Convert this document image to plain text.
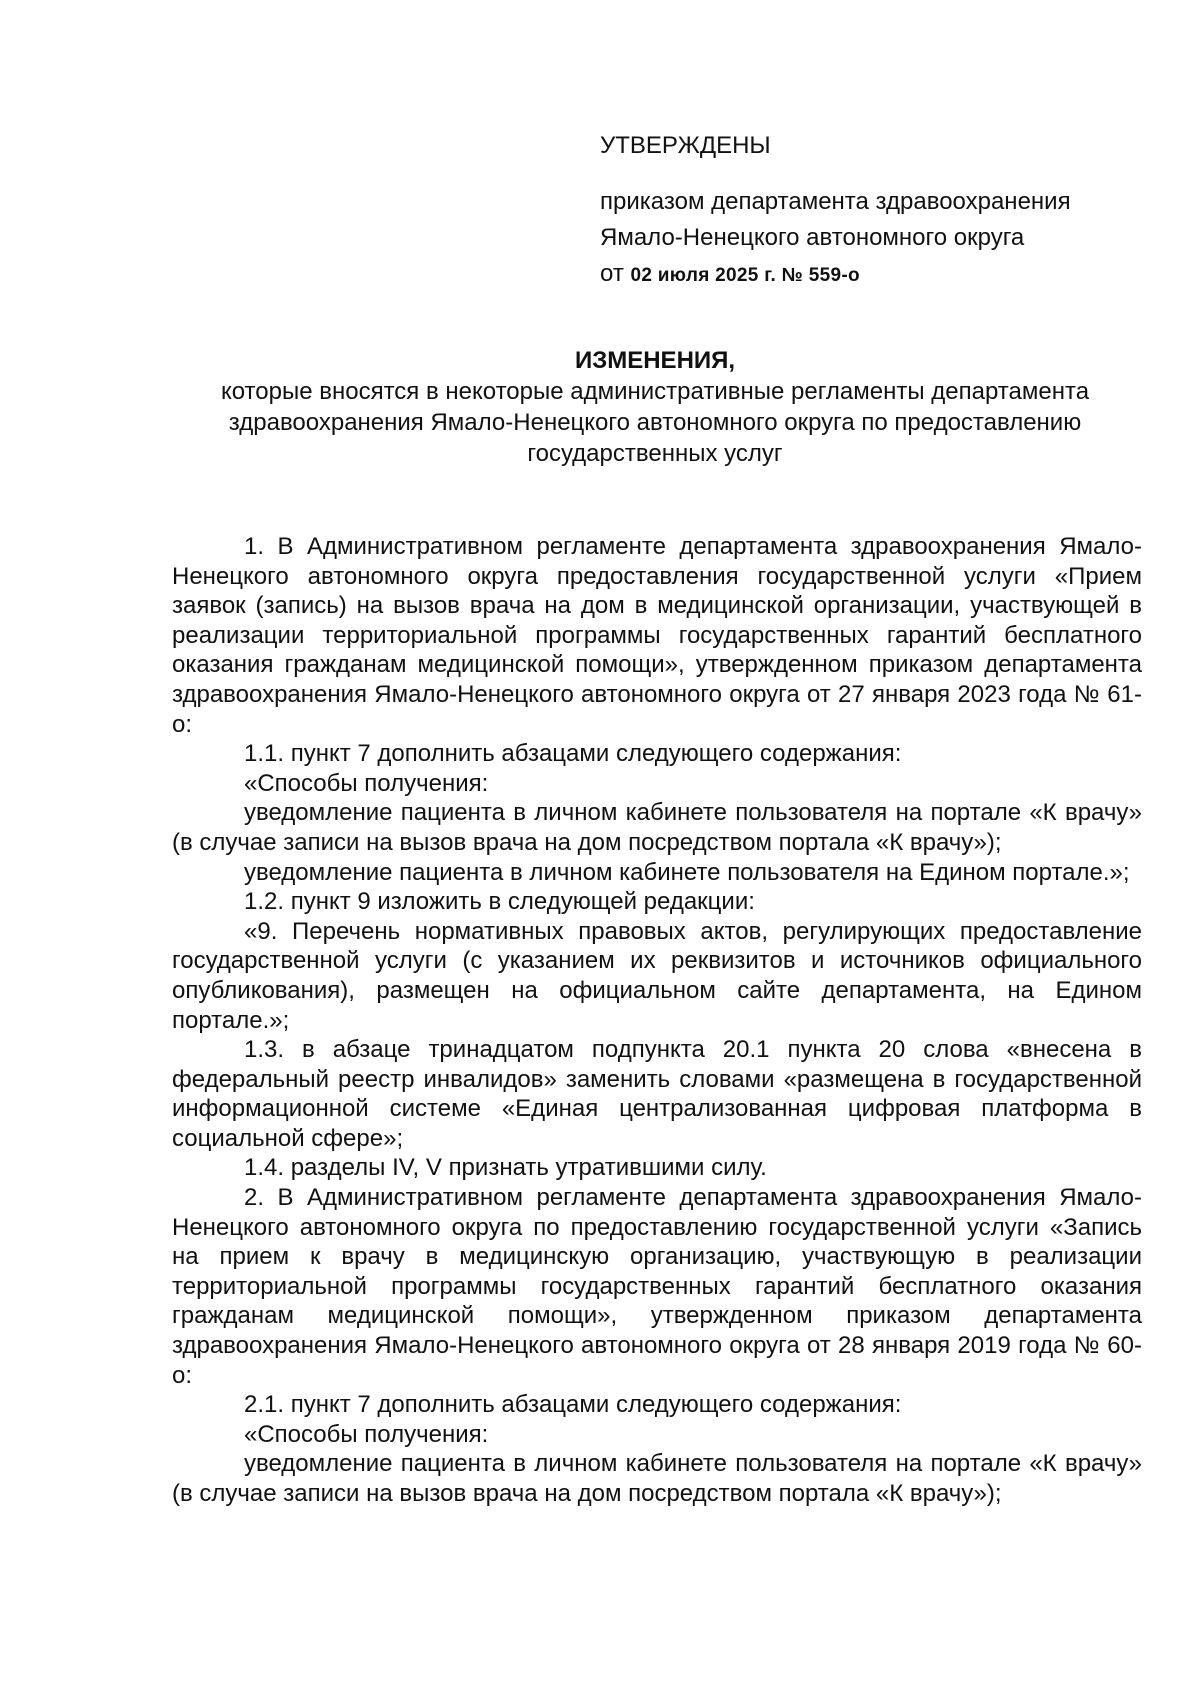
УТВЕРЖДЕНЫ
приказом департамента здравоохранения
Ямало-Ненецкого автономного округа
от 02 июля 2025 г. № 559-о
ИЗМЕНЕНИЯ,
которые вносятся в некоторые административные регламенты департамента
здравоохранения Ямало-Ненецкого автономного округа по предоставлению
государственных услуг

1. В Административном регламенте департамента здравоохранения Ямало-Ненецкого автономного округа предоставления государственной услуги «Прием заявок (запись) на вызов врача на дом в медицинской организации, участвующей в реализации территориальной программы государственных гарантий бесплатного оказания гражданам медицинской помощи», утвержденном приказом департамента здравоохранения Ямало-Ненецкого автономного округа от 27 января 2023 года № 61-о:

1.1. пункт 7 дополнить абзацами следующего содержания:

«Способы получения:

уведомление пациента в личном кабинете пользователя на портале «К врачу» (в случае записи на вызов врача на дом посредством портала «К врачу»);

уведомление пациента в личном кабинете пользователя на Едином портале.»;

1.2. пункт 9 изложить в следующей редакции:

«9. Перечень нормативных правовых актов, регулирующих предоставление государственной услуги (с указанием их реквизитов и источников официального опубликования), размещен на официальном сайте департамента, на Едином портале.»;

1.3. в абзаце тринадцатом подпункта 20.1 пункта 20 слова «внесена в федеральный реестр инвалидов» заменить словами «размещена в государственной информационной системе «Единая централизованная цифровая платформа в социальной сфере»;

1.4. разделы IV, V признать утратившими силу.

2. В Административном регламенте департамента здравоохранения Ямало-Ненецкого автономного округа по предоставлению государственной услуги «Запись на прием к врачу в медицинскую организацию, участвующую в реализации территориальной программы государственных гарантий бесплатного оказания гражданам медицинской помощи», утвержденном приказом департамента здравоохранения Ямало-Ненецкого автономного округа от 28 января 2019 года № 60-о:

2.1. пункт 7 дополнить абзацами следующего содержания:

«Способы получения:

уведомление пациента в личном кабинете пользователя на портале «К врачу» (в случае записи на вызов врача на дом посредством портала «К врачу»);
